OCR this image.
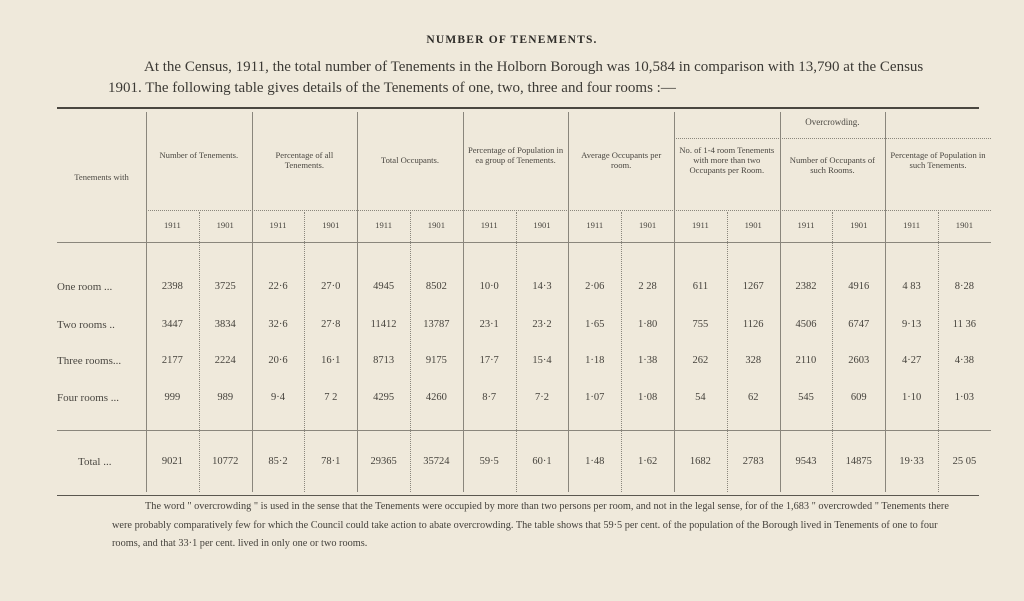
NUMBER OF TENEMENTS.

At the Census, 1911, the total number of Tenements in the Holborn Borough was 10,584 in comparison with 13,790 at the Census 1901. The following table gives details of the Tenements of one, two, three and four rooms :—

Tenements with
Overcrowding.
Number of Tenements.	Percentage of all Tenements.	Total Occupants.
Percentage of Population in ea group of Tenements.	Average Occupants per room.
No. of 1-4 room Tenements with more than two Occupants per Room.
Number of Occupants of such Rooms.
Percentage of Population in such Tenements.
1911	1901	1911	1901	1911	1901	1911	1901	1911	1901	1911	1901	1911	1901	1911	1901
One room ...	2398	3725	22·6	27·0	4945	8502	10·0	14·3	2·06	2 28	611	1267	2382	4916	4 83	8·28
Two rooms ..	3447	3834	32·6	27·8	11412	13787	23·1	23·2	1·65	1·80	755	1126	4506	6747	9·13	11 36
Three rooms...	2177	2224	20·6	16·1	8713	9175	17·7	15·4	1·18	1·38	262	328	2110	2603	4·27	4·38
Four rooms ...	999	989	9·4	7 2	4295	4260	8·7	7·2	1·07	1·08	54	62	545	609	1·10	1·03
Total ...	9021	10772	85·2	78·1	29365	35724	59·5	60·1	1·48	1·62	1682	2783	9543	14875	19·33	25 05

The word " overcrowding " is used in the sense that the Tenements were occupied by more than two persons per room, and not in the legal sense, for of the 1,683 " overcrowded " Tenements there were probably comparatively few for which the Council could take action to abate overcrowding. The table shows that 59·5 per cent. of the population of the Borough lived in Tenements of one to four rooms, and that 33·1 per cent. lived in only one or two rooms.
